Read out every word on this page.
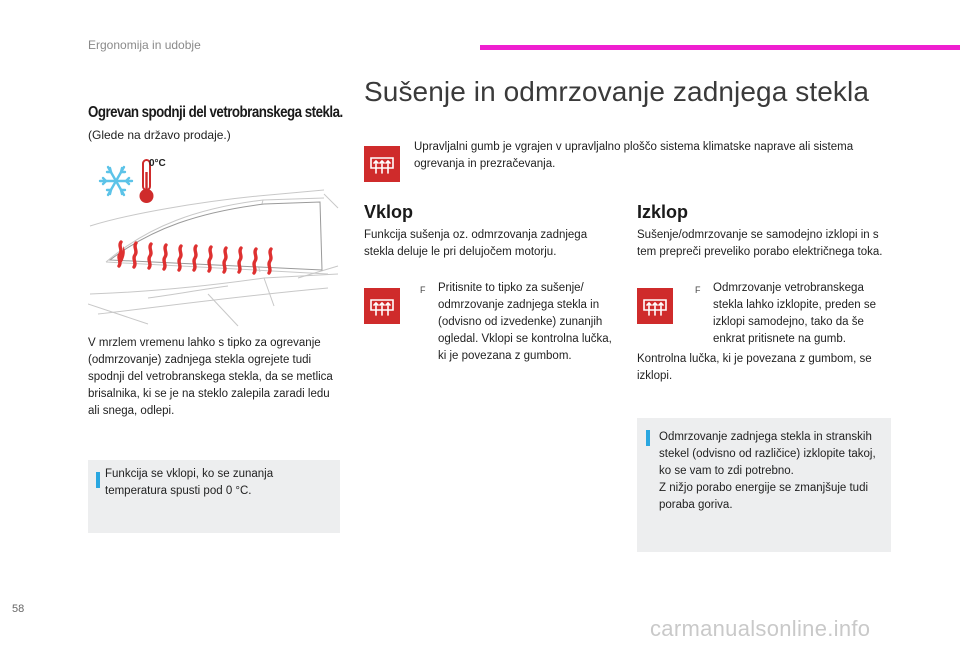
Ergonomija in udobje
Ogrevan spodnji del vetrobranskega stekla.
(Glede na državo prodaje.)
0°C
V mrzlem vremenu lahko s tipko za ogrevanje (odmrzovanje) zadnjega stekla ogrejete tudi spodnji del vetrobranskega stekla, da se metlica brisalnika, ki se je na steklo zalepila zaradi ledu ali snega, odlepi.
Funkcija se vklopi, ko se zunanja temperatura spusti pod 0 °C.
Sušenje in odmrzovanje zadnjega stekla
Upravljalni gumb je vgrajen v upravljalno ploščo sistema klimatske naprave ali sistema ogrevanja in prezračevanja.
Vklop
Funkcija sušenja oz. odmrzovanja zadnjega stekla deluje le pri delujočem motorju.
F Pritisnite to tipko za sušenje/ odmrzovanje zadnjega stekla in (odvisno od izvedenke) zunanjih ogledal. Vklopi se kontrolna lučka, ki je povezana z gumbom.
Izklop
Sušenje/odmrzovanje se samodejno izklopi in s tem prepreči preveliko porabo električnega toka.
F Odmrzovanje vetrobranskega stekla lahko izklopite, preden se izklopi samodejno, tako da še enkrat pritisnete na gumb.
Kontrolna lučka, ki je povezana z gumbom, se izklopi.
Odmrzovanje zadnjega stekla in stranskih stekel (odvisno od različice) izklopite takoj, ko se vam to zdi potrebno.
Z nižjo porabo energije se zmanjšuje tudi poraba goriva.
58
carmanualsonline.info
